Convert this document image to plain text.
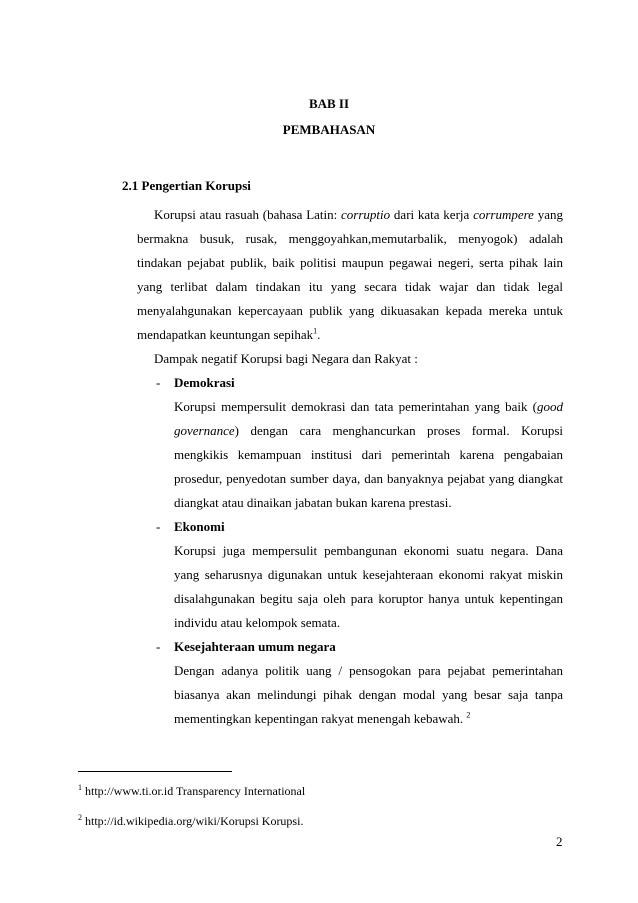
BAB II
PEMBAHASAN
2.1 Pengertian Korupsi
Korupsi atau rasuah (bahasa Latin: corruptio dari kata kerja corrumpere yang
bermakna busuk, rusak, menggoyahkan,memutarbalik, menyogok) adalah
tindakan pejabat publik, baik politisi maupun pegawai negeri, serta pihak lain
yang terlibat dalam tindakan itu yang secara tidak wajar dan tidak legal
menyalahgunakan kepercayaan publik yang dikuasakan kepada mereka untuk
mendapatkan keuntungan sepihak$^1$.
Dampak negatif Korupsi bagi Negara dan Rakyat :
- Demokrasi
Korupsi mempersulit demokrasi dan tata pemerintahan yang baik (good
governance) dengan cara menghancurkan proses formal. Korupsi
mengkikis kemampuan institusi dari pemerintah karena pengabaian
prosedur, penyedotan sumber daya, dan banyaknya pejabat yang diangkat
diangkat atau dinaikan jabatan bukan karena prestasi.
- Ekonomi
Korupsi juga mempersulit pembangunan ekonomi suatu negara. Dana
yang seharusnya digunakan untuk kesejahteraan ekonomi rakyat miskin
disalahgunakan begitu saja oleh para koruptor hanya untuk kepentingan
individu atau kelompok semata.
- Kesejahteraan umum negara
Dengan adanya politik uang / pensogokan para pejabat pemerintahan
biasanya akan melindungi pihak dengan modal yang besar saja tanpa
mementingkan kepentingan rakyat menengah kebawah. $^2$
$^1$ http://www.ti.or.id Transparency International
$^2$ http://id.wikipedia.org/wiki/Korupsi Korupsi.
2
